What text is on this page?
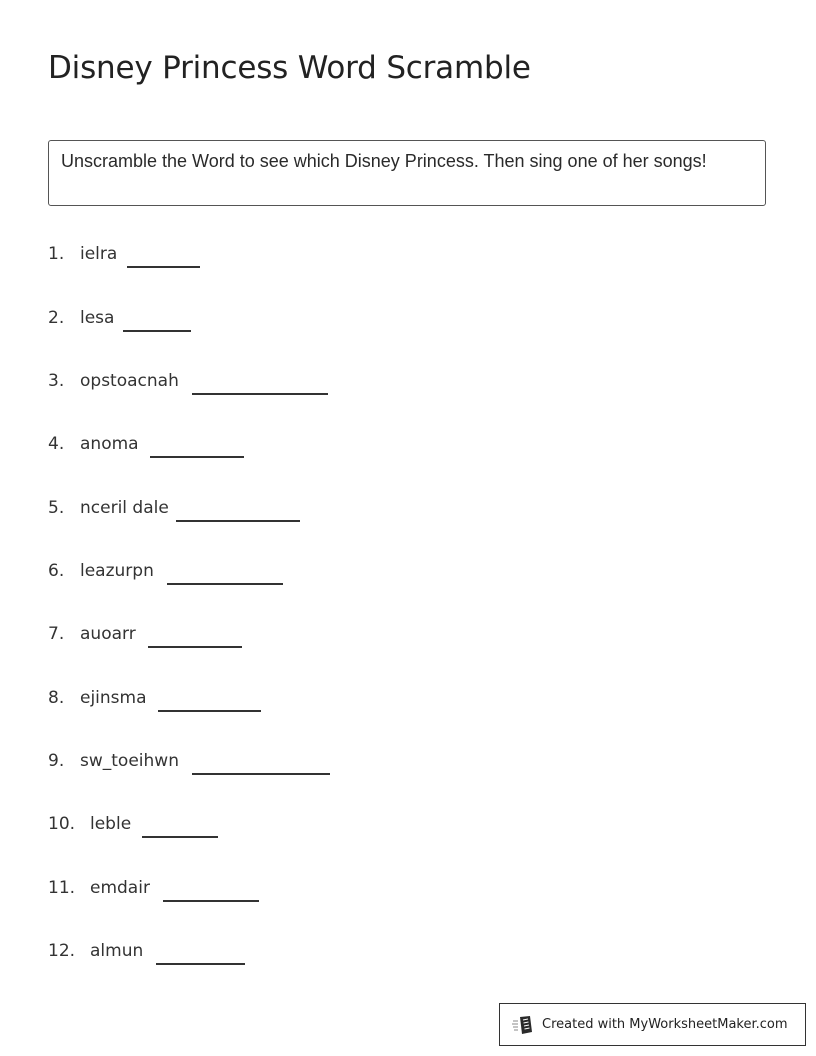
Disney Princess Word Scramble
Unscramble the Word to see which Disney Princess. Then sing one of her songs!
1. ielra
2. lesa
3. opstoacnah
4. anoma
5. nceril dale
6. leazurpn
7. auoarr
8. ejinsma
9. sw_toeihwn
10. leble
11. emdair
12. almun
Created with MyWorksheetMaker.com
